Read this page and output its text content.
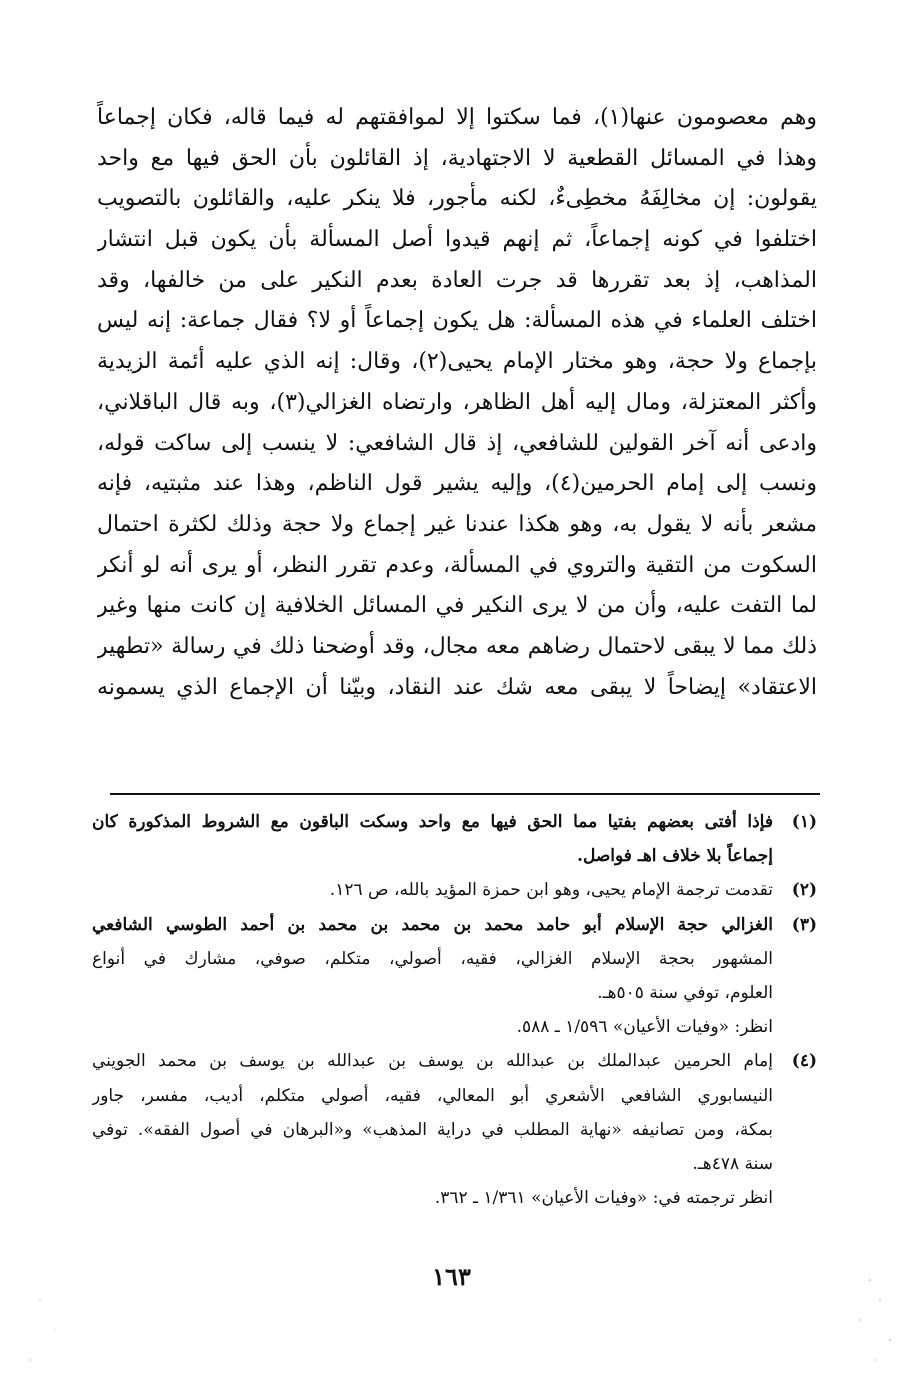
وهم معصومون عنها(١)، فما سكتوا إلا لموافقتهم له فيما قاله، فكان إجماعاً
وهذا في المسائل القطعية لا الاجتهادية، إذ القائلون بأن الحق فيها مع واحد
يقولون: إن مخالِفَهُ مخطِىءٌ، لكنه مأجور، فلا ينكر عليه، والقائلون بالتصويب
اختلفوا في كونه إجماعاً، ثم إنهم قيدوا أصل المسألة بأن يكون قبل انتشار
المذاهب، إذ بعد تقررها قد جرت العادة بعدم النكير على من خالفها، وقد
اختلف العلماء في هذه المسألة: هل يكون إجماعاً أو لا؟ فقال جماعة: إنه ليس
بإجماع ولا حجة، وهو مختار الإمام يحيى(٢)، وقال: إنه الذي عليه أئمة الزيدية
وأكثر المعتزلة، ومال إليه أهل الظاهر، وارتضاه الغزالي(٣)، وبه قال الباقلاني،
وادعى أنه آخر القولين للشافعي، إذ قال الشافعي: لا ينسب إلى ساكت قوله،
ونسب إلى إمام الحرمين(٤)، وإليه يشير قول الناظم، وهذا عند مثبتيه، فإنه
مشعر بأنه لا يقول به، وهو هكذا عندنا غير إجماع ولا حجة وذلك لكثرة احتمال
السكوت من التقية والتروي في المسألة، وعدم تقرر النظر، أو يرى أنه لو أنكر
لما التفت عليه، وأن من لا يرى النكير في المسائل الخلافية إن كانت منها وغير
ذلك مما لا يبقى لاحتمال رضاهم معه مجال، وقد أوضحنا ذلك في رسالة «تطهير
الاعتقاد» إيضاحاً لا يبقى معه شك عند النقاد، وبيّنا أن الإجماع الذي يسمونه
(١)
فإذا أفتى بعضهم بفتيا مما الحق فيها مع واحد وسكت الباقون مع الشروط المذكورة كان
إجماعاً بلا خلاف اهـ فواصل.
(٢)
تقدمت ترجمة الإمام يحيى، وهو ابن حمزة المؤيد بالله، ص ١٢٦.
(٣)
الغزالي حجة الإسلام أبو حامد محمد بن محمد بن محمد بن أحمد الطوسي الشافعي
المشهور بحجة الإسلام الغزالي، فقيه، أصولي، متكلم، صوفي، مشارك في أنواع
العلوم، توفي سنة ٥٠٥هـ.
انظر: «وفيات الأعيان» ١/٥٩٦ ـ ٥٨٨.
(٤)
إمام الحرمين عبدالملك بن عبدالله بن يوسف بن عبدالله بن يوسف بن محمد الجويني
النيسابوري الشافعي الأشعري أبو المعالي، فقيه، أصولي متكلم، أديب، مفسر، جاور
بمكة، ومن تصانيفه «نهاية المطلب في دراية المذهب» و«البرهان في أصول الفقه». توفي
سنة ٤٧٨هـ.
انظر ترجمته في: «وفيات الأعيان» ١/٣٦١ ـ ٣٦٢.
١٦٣
